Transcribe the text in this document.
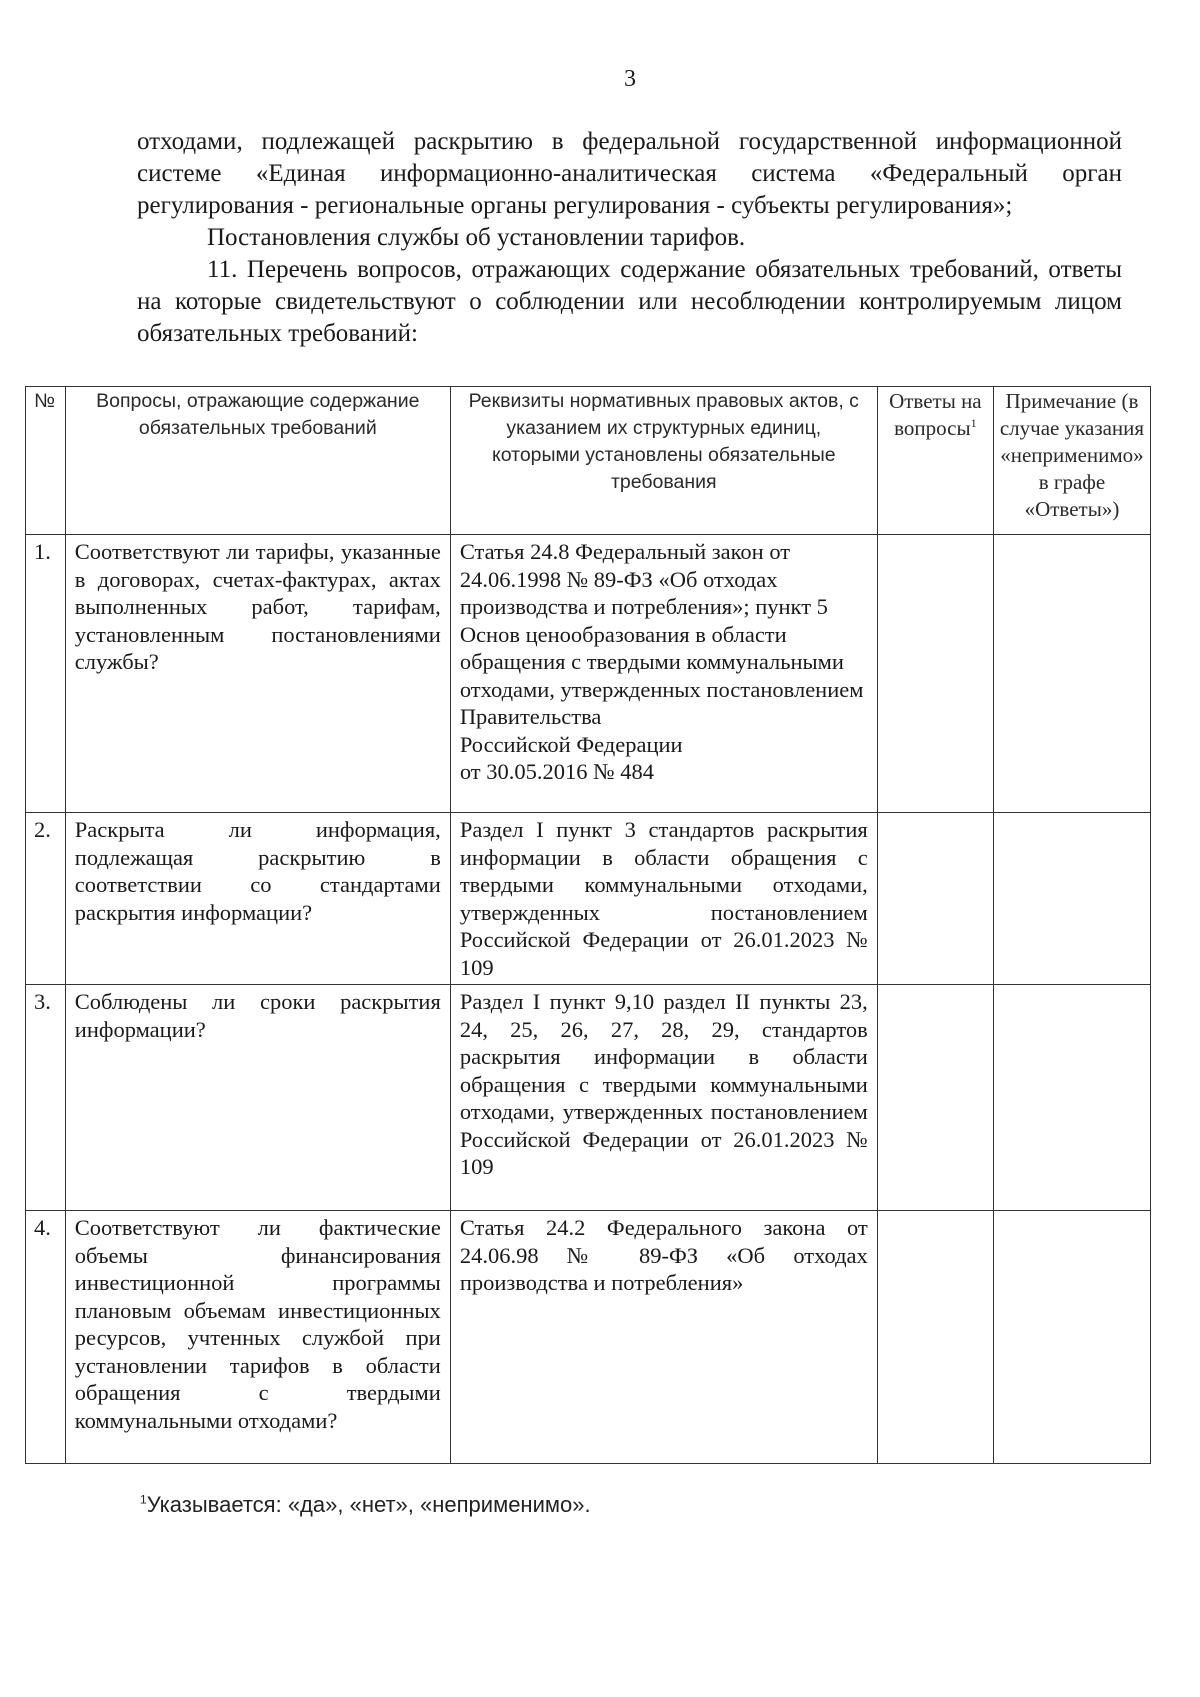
3

отходами, подлежащей раскрытию в федеральной государственной информационной системе «Единая информационно-аналитическая система «Федеральный орган регулирования - региональные органы регулирования - субъекты регулирования»;

Постановления службы об установлении тарифов.

11. Перечень вопросов, отражающих содержание обязательных требований, ответы на которые свидетельствуют о соблюдении или несоблюдении контролируемым лицом обязательных требований:

№	Вопросы, отражающие содержание обязательных требований	Реквизиты нормативных правовых актов, с указанием их структурных единиц, которыми установлены обязательные требования	Ответы на вопросы$^1$	Примечание (в случае указания «неприменимо» в графе «Ответы»)
1.	Соответствуют ли тарифы, указанные в договорах, счетах-фактурах, актах выполненных работ, тарифам, установленным постановлениями службы?	Статья 24.8 Федеральный закон от 24.06.1998 № 89-ФЗ «Об отходах производства и потребления»; пункт 5 Основ ценообразования в области обращения с твердыми коммунальными отходами, утвержденных постановлением
Правительства
Российской Федерации
от 30.05.2016 № 484		

2.	Раскрыта ли информация, подлежащая раскрытию в соответствии со стандартами раскрытия информации?	Раздел I пункт 3 стандартов раскрытия информации в области обращения с твердыми коммунальными отходами, утвержденных постановлением Российской Федерации от 26.01.2023 № 109		
3.	Соблюдены ли сроки раскрытия информации?	Раздел I пункт 9,10 раздел II пункты 23, 24, 25, 26, 27, 28, 29, стандартов раскрытия информации в области обращения с твердыми коммунальными отходами, утвержденных постановлением Российской Федерации от 26.01.2023 № 109		
4.	Соответствуют ли фактические объемы финансирования инвестиционной программы плановым объемам инвестиционных ресурсов, учтенных службой при установлении тарифов в области обращения с твердыми коммунальными отходами?	Статья 24.2 Федерального закона от 24.06.98 № 89-ФЗ «Об отходах производства и потребления»		
$^1$Указывается: «да», «нет», «неприменимо».
